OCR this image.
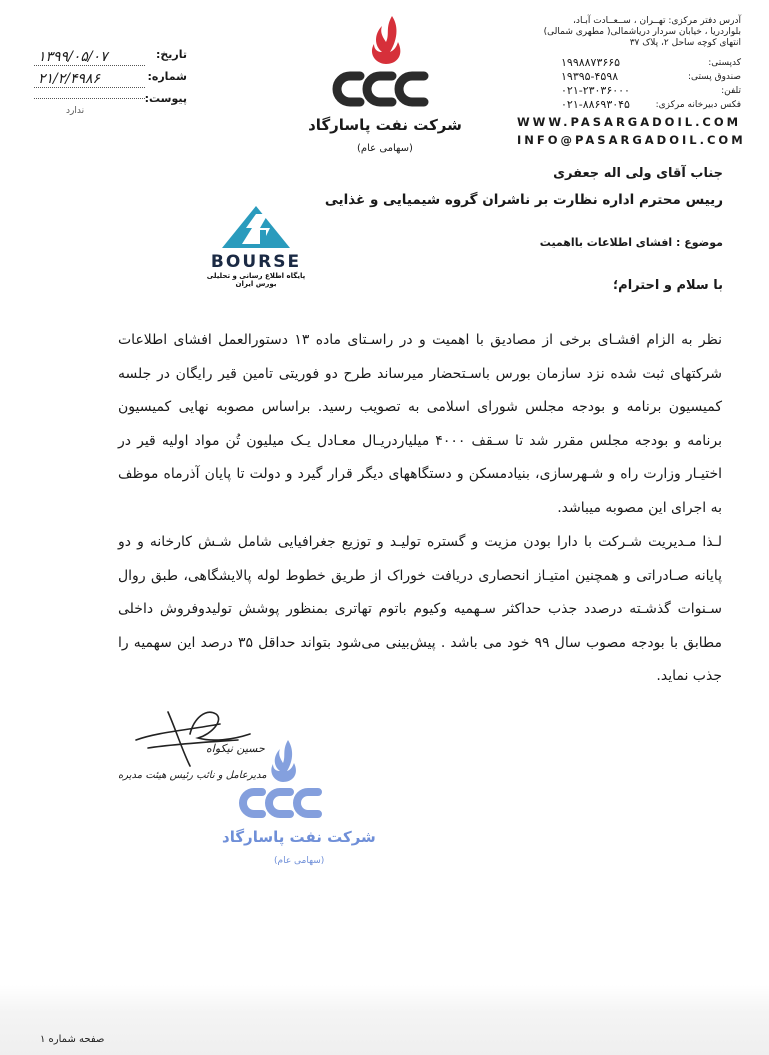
تاریخ:
۱۳۹۹/۰۵/۰۷
شماره:
۲۱/۲/۴۹۸۶
پیوست:
ندارد
شرکت نفت پاسارگاد
(سهامی عام)
آدرس دفتر مرکزی: تهــران ، ســعــادت آبـاد،
بلواردریا ، خیابان سردار دریاشمالی( مطهری شمالی)
انتهای کوچه ساحل ۲، پلاک ۳۷
کدپستی:
۱۹۹۸۸۷۳۶۶۵
صندوق پستی:
۱۹۳۹۵-۴۵۹۸
تلفن:
۰۲۱-۲۳۰۳۶۰۰۰
فکس دبیرخانه مرکزی:
۰۲۱-۸۸۶۹۳۰۴۵
WWW.PASARGADOIL.COM
INFO@PASARGADOIL.COM
جناب آقای ولی اله جعفری
رییس محترم اداره نظارت بر ناشران گروه شیمیایی و غذایی
BOURSE
پایگاه اطلاع رسانی و تحلیلی بورس ایران
موضوع : افشای اطلاعات بااهمیت
با سلام و احترام؛
نظر به الزام افشـای برخی از مصادیق با اهمیت و در راسـتای ماده ۱۳ دستورالعمل افشای اطلاعات شرکتهای ثبت شده نزد سازمان بورس باسـتحضار میرساند طرح دو فوریتی تامین قیر رایگان در جلسه کمیسیون برنامه و بودجه مجلس شورای اسلامی به تصویب رسید. براساس مصوبه نهایی کمیسیون برنامه و بودجه مجلس مقرر شد تا سـقف ۴۰۰۰ میلیاردریـال معـادل یـک میلیون تُن مواد اولیه قیر در اختیـار وزارت راه و شـهرسازی، بنیادمسکن و دستگاههای دیگر قرار گیرد و دولت تا پایان آذرماه موظف به اجرای این مصوبه میباشد.
لـذا مـدیریت شـرکت با دارا بودن مزیت و گستره تولیـد و توزیع جغرافیایی شامل شـش کارخانه و دو پایانه صـادراتی و همچنین امتیـاز انحصاری دریافت خوراک از طریق خطوط لوله پالایشگاهی، طبق روال سـنوات گذشـته درصدد جذب حداکثر سـهمیه وکیوم باتوم تهاتری بمنظور پوشش تولیدوفروش داخلی مطابق با بودجه مصوب سال ۹۹ خود می باشد . پیش‌بینی می‌شود بتواند حداقل ۳۵ درصد این سهمیه را جذب نماید.
حسین نیکواه
مدیرعامل و نائب رئیس هیئت مدیره
شرکت نفت پاسارگاد
(سهامی عام)
صفحه شماره ۱
